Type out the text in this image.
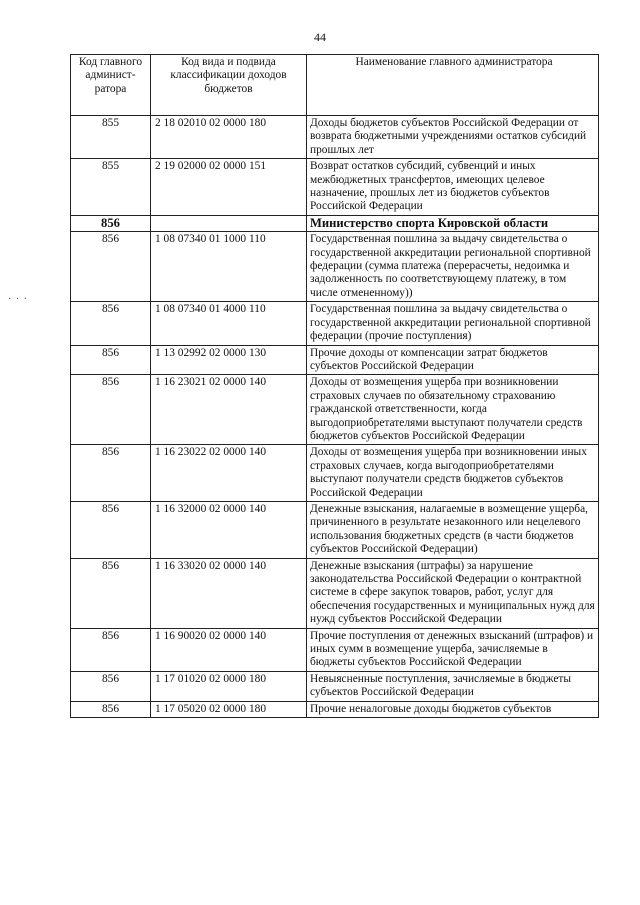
44
· · ·
Код главного админист-ратора	Код вида и подвида классификации доходов бюджетов	Наименование главного администратора
855	2 18 02010 02 0000 180	Доходы бюджетов субъектов Российской Федерации от возврата бюджетными учреждениями остатков субсидий прошлых лет
855	2 19 02000 02 0000 151	Возврат остатков субсидий, субвенций и иных межбюджетных трансфертов, имеющих целевое назначение, прошлых лет из бюджетов субъектов Российской Федерации
856		Министерство спорта Кировской области
856	1 08 07340 01 1000 110	Государственная пошлина за выдачу свидетельства о государственной аккредитации региональной спортивной федерации (сумма платежа (перерасчеты, недоимка и задолженность по соответствующему платежу, в том числе отмененному))
856	1 08 07340 01 4000 110	Государственная пошлина за выдачу свидетельства о государственной аккредитации региональной спортивной федерации (прочие поступления)
856	1 13 02992 02 0000 130	Прочие доходы от компенсации затрат бюджетов субъектов Российской Федерации
856	1 16 23021 02 0000 140	Доходы от возмещения ущерба при возникновении страховых случаев по обязательному страхованию гражданской ответственности, когда выгодоприобретателями выступают получатели средств бюджетов субъектов Российской Федерации
856	1 16 23022 02 0000 140	Доходы от возмещения ущерба при возникновении иных страховых случаев, когда выгодоприобретателями выступают получатели средств бюджетов субъектов Российской Федерации
856	1 16 32000 02 0000 140	Денежные взыскания, налагаемые в возмещение ущерба, причиненного в результате незаконного или нецелевого использования бюджетных средств (в части бюджетов субъектов Российской Федерации)
856	1 16 33020 02 0000 140	Денежные взыскания (штрафы) за нарушение законодательства Российской Федерации о контрактной системе в сфере закупок товаров, работ, услуг для обеспечения государственных и муниципальных нужд для нужд субъектов Российской Федерации
856	1 16 90020 02 0000 140	Прочие поступления от денежных взысканий (штрафов) и иных сумм в возмещение ущерба, зачисляемые в бюджеты субъектов Российской Федерации
856	1 17 01020 02 0000 180	Невыясненные поступления, зачисляемые в бюджеты субъектов Российской Федерации
856	1 17 05020 02 0000 180	Прочие неналоговые доходы бюджетов субъектов
